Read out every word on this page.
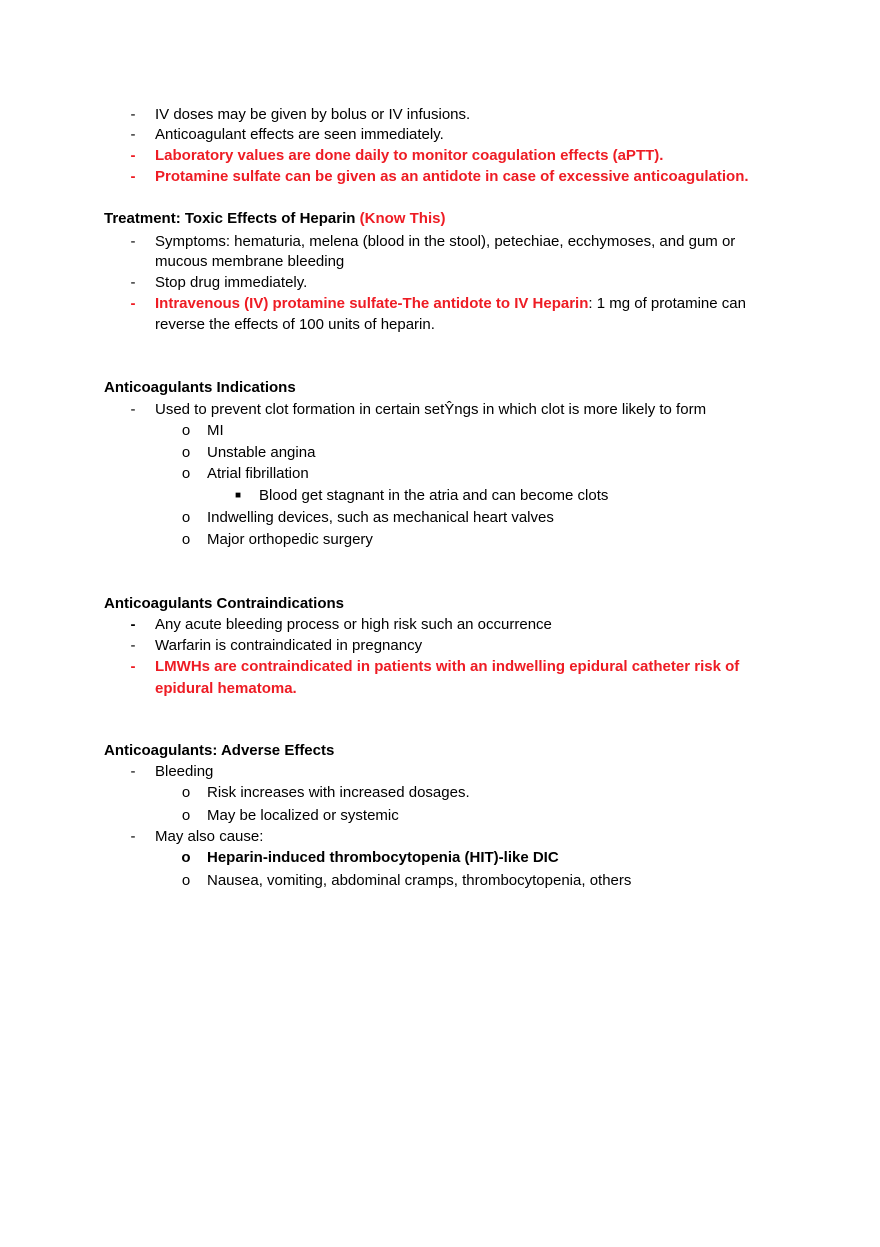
-	IV doses may be given by bolus or IV infusions.
-	Anticoagulant effects are seen immediately.
-	Laboratory values are done daily to monitor coagulation effects (aPTT).
-	Protamine sulfate can be given as an antidote in case of excessive anticoagulation.
Treatment: Toxic Effects of Heparin (Know This)
-	Symptoms: hematuria, melena (blood in the stool), petechiae, ecchymoses, and gum or
mucous membrane bleeding
-	Stop drug immediately.
-	Intravenous (IV) protamine sulfate-The antidote to IV Heparin: 1 mg of protamine can
reverse the effects of 100 units of heparin.
Anticoagulants Indications
-	Used to prevent clot formation in certain setŶngs in which clot is more likely to form
o MI
o Unstable angina
o Atrial fibrillation
■ Blood get stagnant in the atria and can become clots
o Indwelling devices, such as mechanical heart valves
o Major orthopedic surgery
Anticoagulants Contraindications
-	Any acute bleeding process or high risk such an occurrence
-	Warfarin is contraindicated in pregnancy
-	LMWHs are contraindicated in patients with an indwelling epidural catheter risk of
epidural hematoma.
Anticoagulants: Adverse Effects
-	Bleeding
o Risk increases with increased dosages.
o May be localized or systemic
-	May also cause:
o Heparin-induced thrombocytopenia (HIT)-like DIC
o Nausea, vomiting, abdominal cramps, thrombocytopenia, others
